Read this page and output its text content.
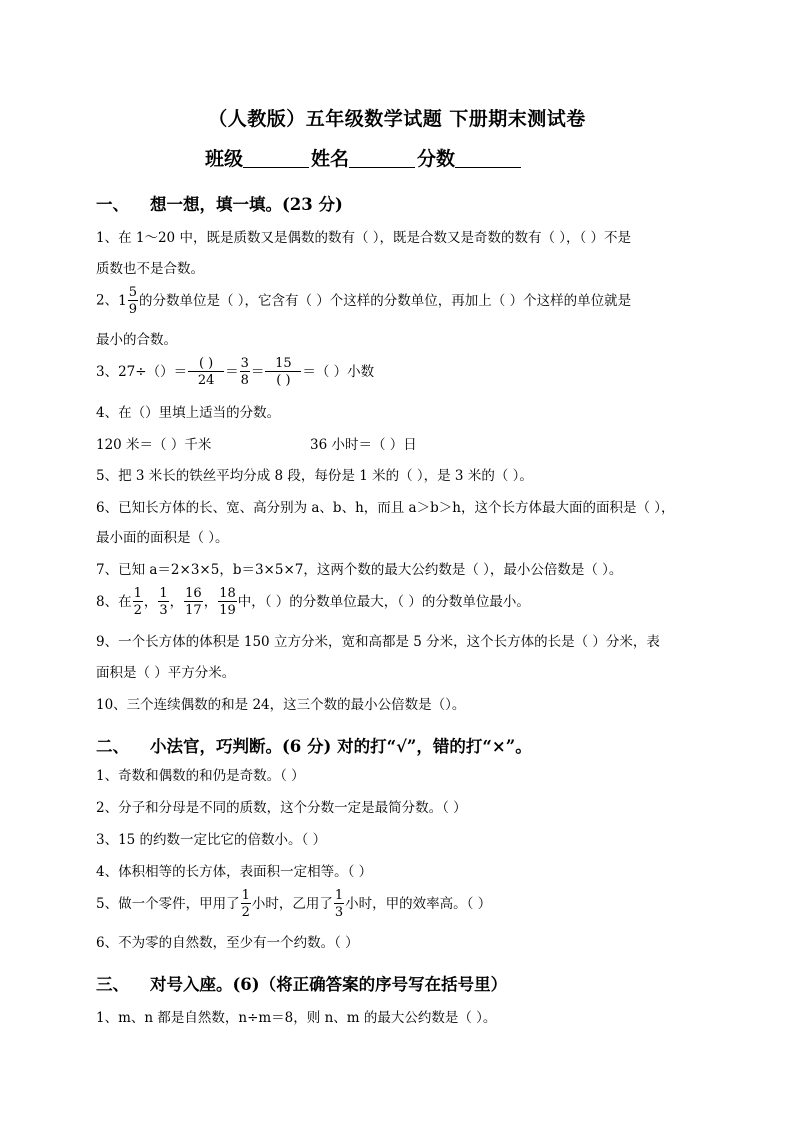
（人教版）五年级数学试题 下册期末测试卷
班级	姓名	分数
一、 想一想，填一填。(23 分)
1、在 1～20 中，既是质数又是偶数的数有（ ），既是合数又是奇数的数有（ ），（ ）不是
质数也不是合数。
2、$1 \frac{5}{9}$ 的分数单位是（ ），它含有（ ）个这样的分数单位，再加上（ ）个这样的单位就是
最小的合数。
3、$27\div()= \frac{( )}{24} = \frac{3}{8} = \frac{15}{( )}$ ＝（ ）小数
4、在（）里填上适当的分数。
120 米＝（ ）千米	36 小时＝（ ）日
5、把 3 米长的铁丝平均分成 8 段，每份是 1 米的（ ），是 3 米的（ ）。
6、已知长方体的长、宽、高分别为 a、b、h，而且 a＞b＞h，这个长方体最大面的面积是（ ），
最小面的面积是（ ）。
7、已知 a＝2×3×5，b＝3×5×7，这两个数的最大公约数是（ ），最小公倍数是（ ）。
8、在 $\frac{1}{2}$ ， $\frac{1}{3}$ ， $\frac{16}{17}$ ， $\frac{18}{19}$ 中，（ ）的分数单位最大，（ ）的分数单位最小。
9、一个长方体的体积是 150 立方分米，宽和高都是 5 分米，这个长方体的长是（ ）分米，表
面积是（ ）平方分米。
10、三个连续偶数的和是 24，这三个数的最小公倍数是（）。
二、 小法官，巧判断。(6 分) 对的打“√”，错的打“×”。
1、奇数和偶数的和仍是奇数。（ ）
2、分子和分母是不同的质数，这个分数一定是最简分数。（ ）
3、15 的约数一定比它的倍数小。（ ）
4、体积相等的长方体，表面积一定相等。（ ）
5、做一个零件，甲用了 $\frac{1}{2}$ 小时，乙用了 $\frac{1}{3}$ 小时，甲的效率高。（ ）
6、不为零的自然数，至少有一个约数。（ ）
三、 对号入座。(6)（将正确答案的序号写在括号里）
1、m、n 都是自然数，n÷m＝8，则 n、m 的最大公约数是（ ）。
